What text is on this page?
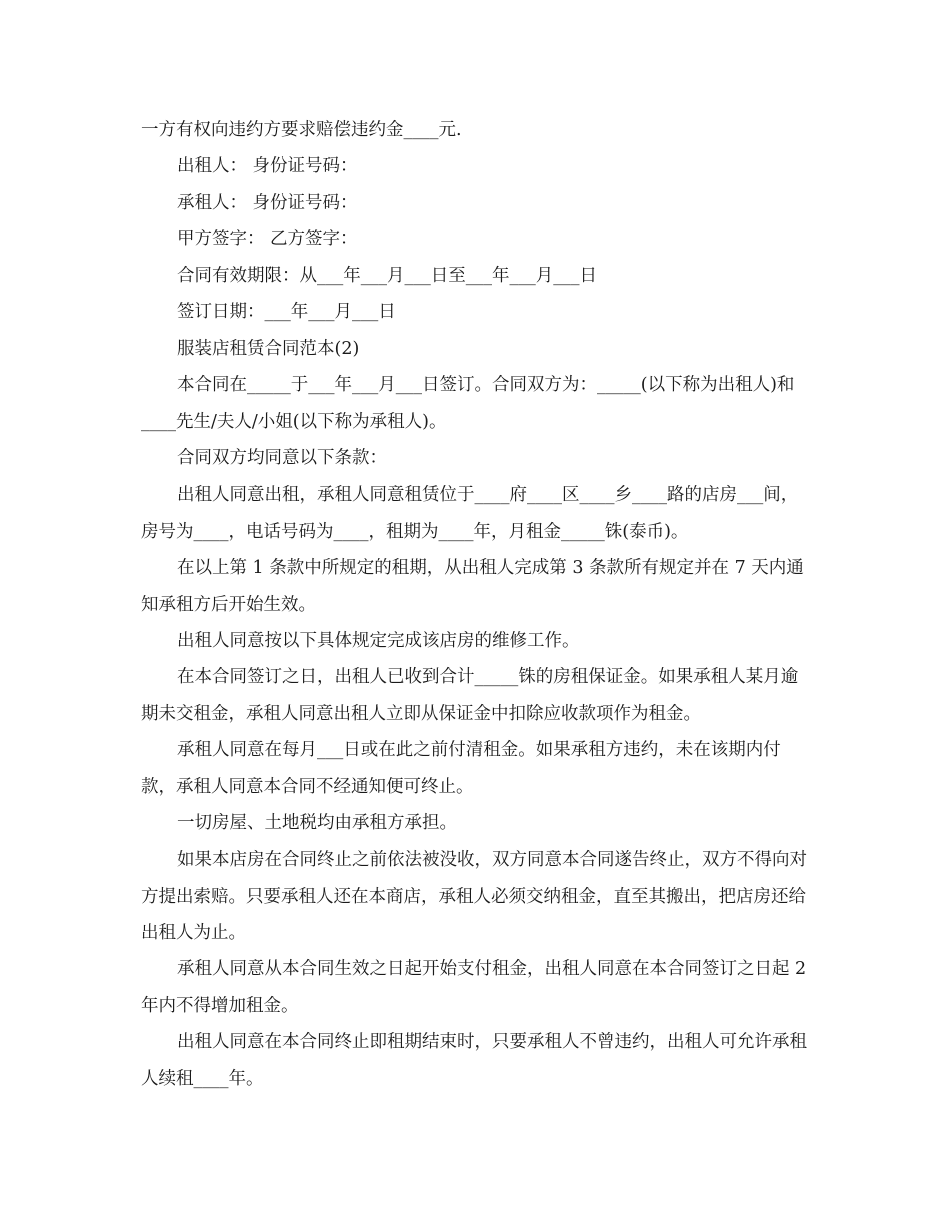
一方有权向违约方要求赔偿违约金____元.

出租人： 身份证号码：

承租人： 身份证号码：

甲方签字： 乙方签字：

合同有效期限：从___年___月___日至___年___月___日

签订日期：___年___月___日

服装店租赁合同范本(2)

本合同在_____于___年___月___日签订。合同双方为：_____(以下称为出租人)和____先生/夫人/小姐(以下称为承租人)。

合同双方均同意以下条款：

出租人同意出租，承租人同意租赁位于____府____区____乡____路的店房___间，房号为____，电话号码为____，租期为____年，月租金_____铢(泰币)。

在以上第 1 条款中所规定的租期，从出租人完成第 3 条款所有规定并在 7 天内通知承租方后开始生效。

出租人同意按以下具体规定完成该店房的维修工作。

在本合同签订之日，出租人已收到合计_____铢的房租保证金。如果承租人某月逾期未交租金，承租人同意出租人立即从保证金中扣除应收款项作为租金。

承租人同意在每月___日或在此之前付清租金。如果承租方违约，未在该期内付款，承租人同意本合同不经通知便可终止。

一切房屋、土地税均由承租方承担。

如果本店房在合同终止之前依法被没收，双方同意本合同遂告终止，双方不得向对方提出索赔。只要承租人还在本商店，承租人必须交纳租金，直至其搬出，把店房还给出租人为止。

承租人同意从本合同生效之日起开始支付租金，出租人同意在本合同签订之日起 2 年内不得增加租金。

出租人同意在本合同终止即租期结束时，只要承租人不曾违约，出租人可允许承租人续租____年。
